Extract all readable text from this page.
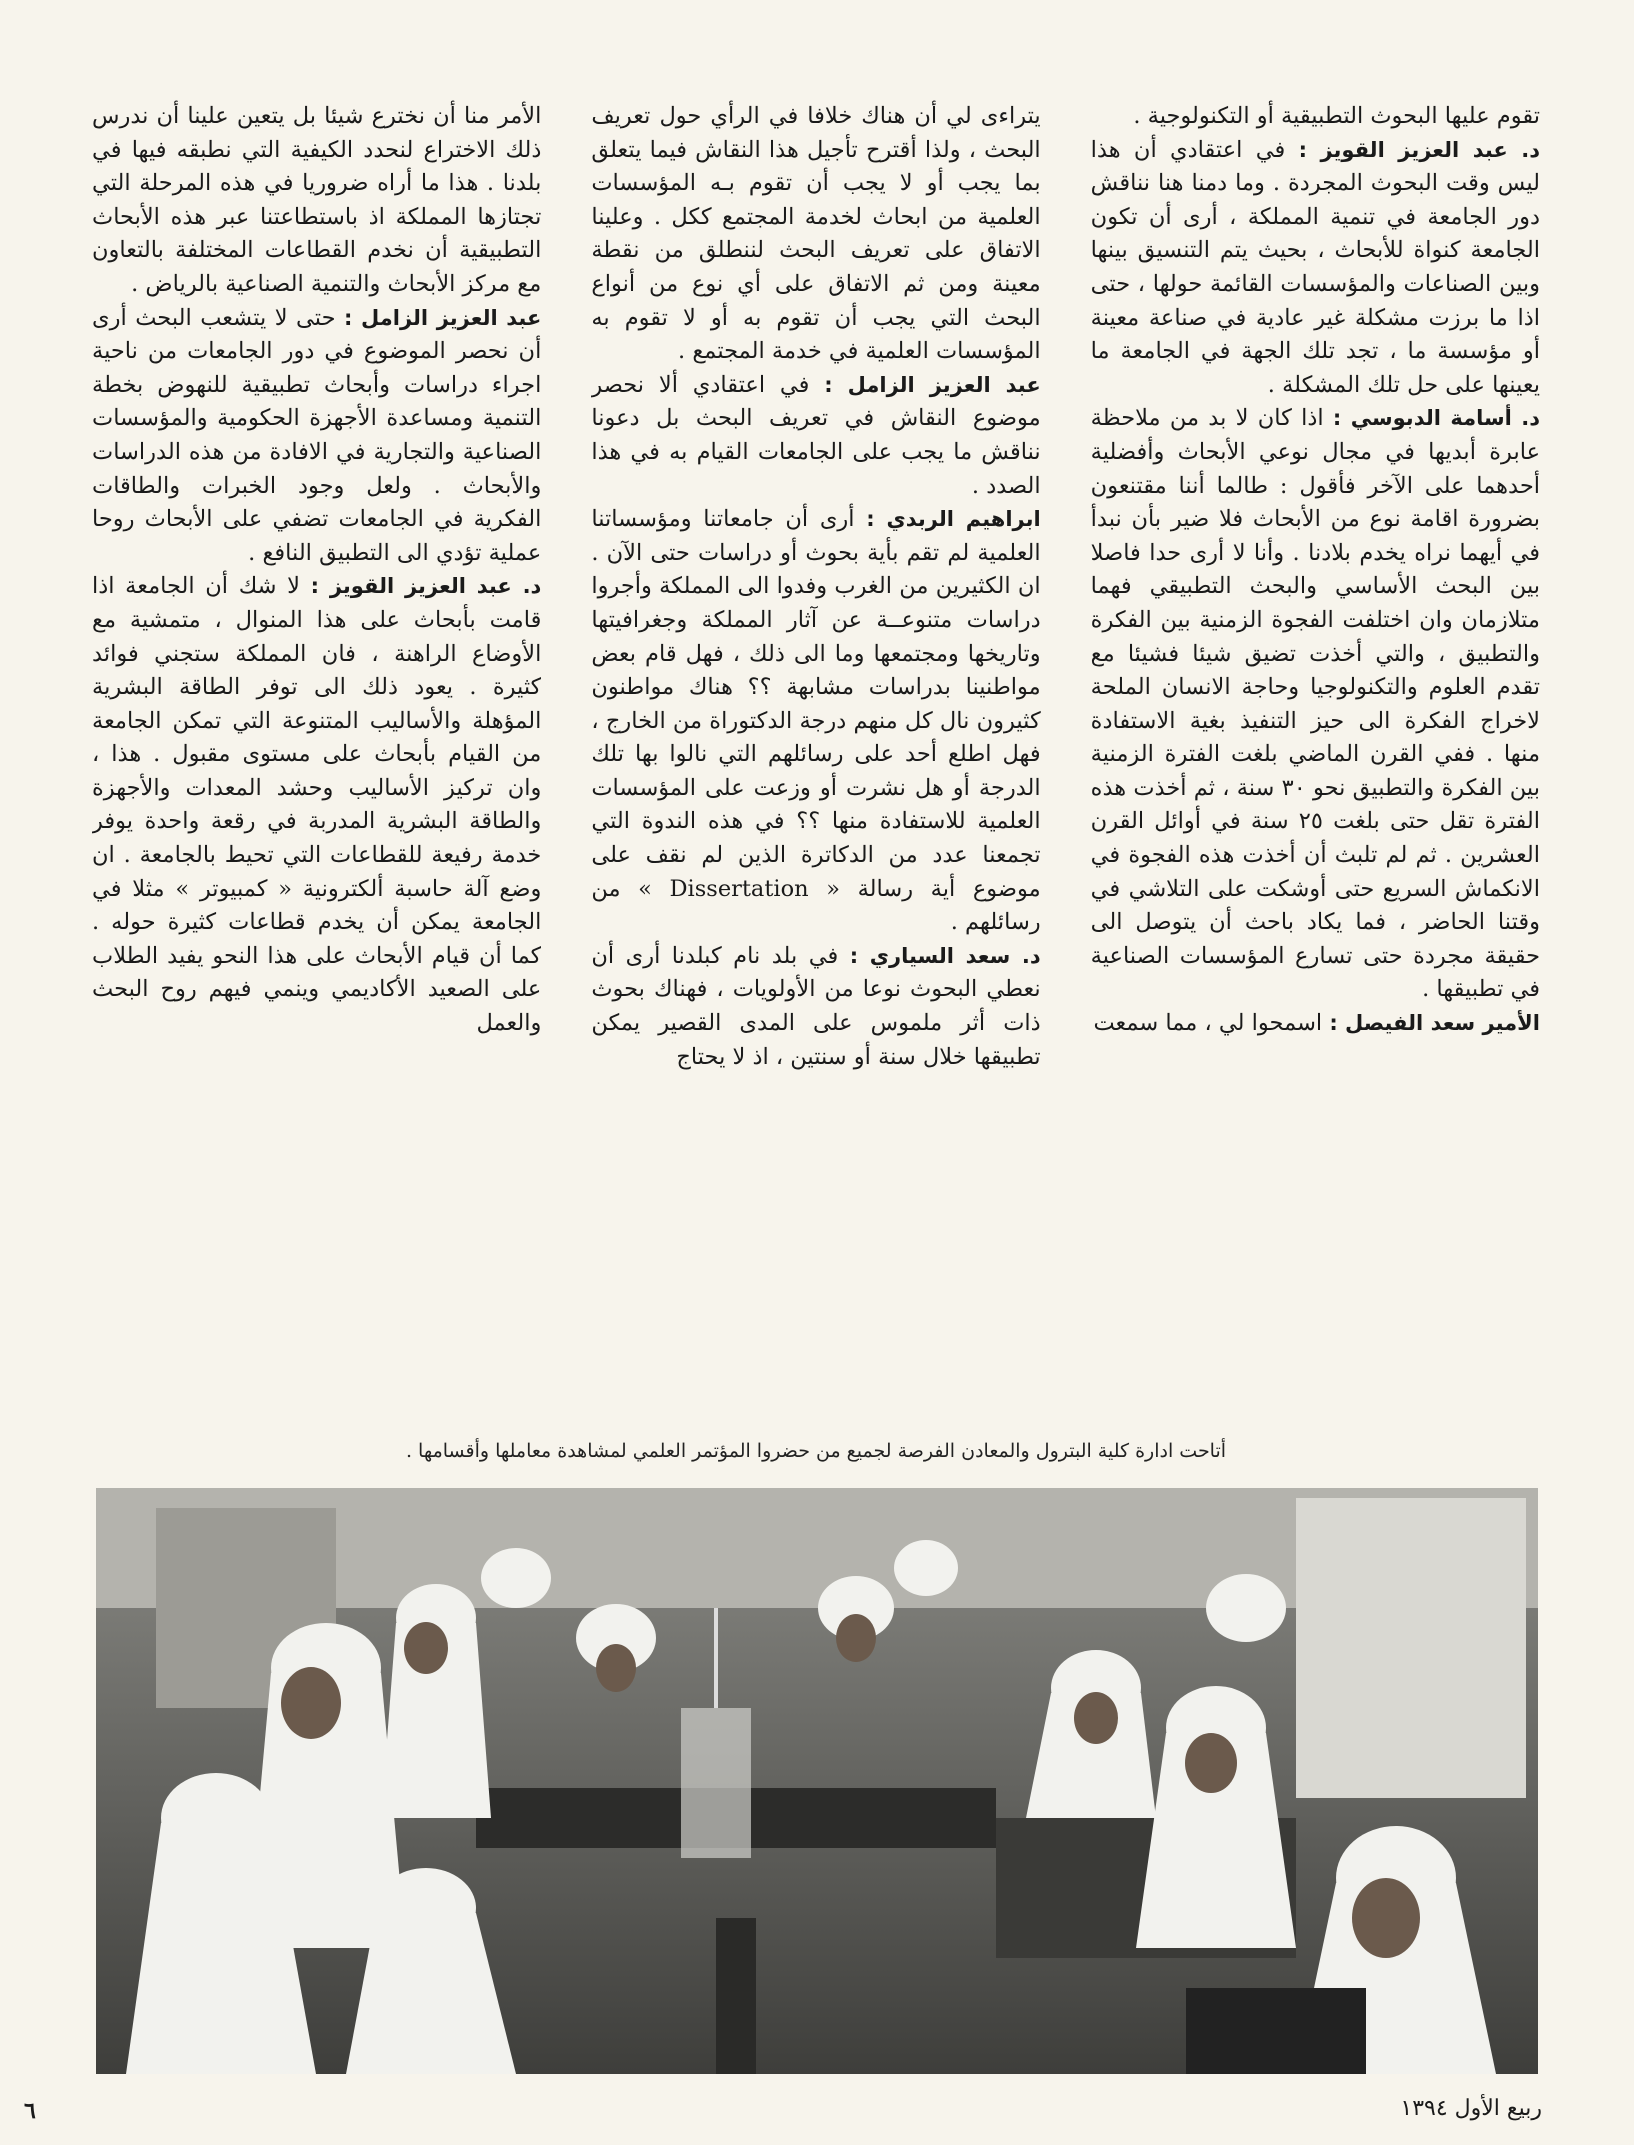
تقوم عليها البحوث التطبيقية أو التكنولوجية .

د. عبد العزيز القويز : في اعتقادي أن هذا ليس وقت البحوث المجردة . وما دمنا هنا نناقش دور الجامعة في تنمية المملكة ، أرى أن تكون الجامعة كنواة للأبحاث ، بحيث يتم التنسيق بينها وبين الصناعات والمؤسسات القائمة حولها ، حتى اذا ما برزت مشكلة غير عادية في صناعة معينة أو مؤسسة ما ، تجد تلك الجهة في الجامعة ما يعينها على حل تلك المشكلة .

د. أسامة الدبوسي : اذا كان لا بد من ملاحظة عابرة أبديها في مجال نوعي الأبحاث وأفضلية أحدهما على الآخر فأقول : طالما أننا مقتنعون بضرورة اقامة نوع من الأبحاث فلا ضير بأن نبدأ في أيهما نراه يخدم بلادنا . وأنا لا أرى حدا فاصلا بين البحث الأساسي والبحث التطبيقي فهما متلازمان وان اختلفت الفجوة الزمنية بين الفكرة والتطبيق ، والتي أخذت تضيق شيئا فشيئا مع تقدم العلوم والتكنولوجيا وحاجة الانسان الملحة لاخراج الفكرة الى حيز التنفيذ بغية الاستفادة منها . ففي القرن الماضي بلغت الفترة الزمنية بين الفكرة والتطبيق نحو ٣٠ سنة ، ثم أخذت هذه الفترة تقل حتى بلغت ٢٥ سنة في أوائل القرن العشرين . ثم لم تلبث أن أخذت هذه الفجوة في الانكماش السريع حتى أوشكت على التلاشي في وقتنا الحاضر ، فما يكاد باحث أن يتوصل الى حقيقة مجردة حتى تسارع المؤسسات الصناعية في تطبيقها .

الأمير سعد الفيصل : اسمحوا لي ، مما سمعت

يتراءى لي أن هناك خلافا في الرأي حول تعريف البحث ، ولذا أقترح تأجيل هذا النقاش فيما يتعلق بما يجب أو لا يجب أن تقوم بـه المؤسسات العلمية من ابحاث لخدمة المجتمع ككل . وعلينا الاتفاق على تعريف البحث لننطلق من نقطة معينة ومن ثم الاتفاق على أي نوع من أنواع البحث التي يجب أن تقوم به أو لا تقوم به المؤسسات العلمية في خدمة المجتمع .

عبد العزيز الزامل : في اعتقادي ألا نحصر موضوع النقاش في تعريف البحث بل دعونا نناقش ما يجب على الجامعات القيام به في هذا الصدد .

ابراهيم الربدي : أرى أن جامعاتنا ومؤسساتنا العلمية لم تقم بأية بحوث أو دراسات حتى الآن . ان الكثيرين من الغرب وفدوا الى المملكة وأجروا دراسات متنوعــة عن آثار المملكة وجغرافيتها وتاريخها ومجتمعها وما الى ذلك ، فهل قام بعض مواطنينا بدراسات مشابهة ؟؟ هناك مواطنون كثيرون نال كل منهم درجة الدكتوراة من الخارج ، فهل اطلع أحد على رسائلهم التي نالوا بها تلك الدرجة أو هل نشرت أو وزعت على المؤسسات العلمية للاستفادة منها ؟؟ في هذه الندوة التي تجمعنا عدد من الدكاترة الذين لم نقف على موضوع أية رسالة « Dissertation » من رسائلهم .

د. سعد السياري : في بلد نام كبلدنا أرى أن نعطي البحوث نوعا من الأولويات ، فهناك بحوث ذات أثر ملموس على المدى القصير يمكن تطبيقها خلال سنة أو سنتين ، اذ لا يحتاج

الأمر منا أن نخترع شيئا بل يتعين علينا أن ندرس ذلك الاختراع لنحدد الكيفية التي نطبقه فيها في بلدنا . هذا ما أراه ضروريا في هذه المرحلة التي تجتازها المملكة اذ باستطاعتنا عبر هذه الأبحاث التطبيقية أن نخدم القطاعات المختلفة بالتعاون مع مركز الأبحاث والتنمية الصناعية بالرياض .

عبد العزيز الزامل : حتى لا يتشعب البحث أرى أن نحصر الموضوع في دور الجامعات من ناحية اجراء دراسات وأبحاث تطبيقية للنهوض بخطة التنمية ومساعدة الأجهزة الحكومية والمؤسسات الصناعية والتجارية في الافادة من هذه الدراسات والأبحاث . ولعل وجود الخبرات والطاقات الفكرية في الجامعات تضفي على الأبحاث روحا عملية تؤدي الى التطبيق النافع .

د. عبد العزيز القويز : لا شك أن الجامعة اذا قامت بأبحاث على هذا المنوال ، متمشية مع الأوضاع الراهنة ، فان المملكة ستجني فوائد كثيرة . يعود ذلك الى توفر الطاقة البشرية المؤهلة والأساليب المتنوعة التي تمكن الجامعة من القيام بأبحاث على مستوى مقبول . هذا ، وان تركيز الأساليب وحشد المعدات والأجهزة والطاقة البشرية المدربة في رقعة واحدة يوفر خدمة رفيعة للقطاعات التي تحيط بالجامعة . ان وضع آلة حاسبة ألكترونية « كمبيوتر » مثلا في الجامعة يمكن أن يخدم قطاعات كثيرة حوله . كما أن قيام الأبحاث على هذا النحو يفيد الطلاب على الصعيد الأكاديمي وينمي فيهم روح البحث والعمل

أتاحت ادارة كلية البترول والمعادن الفرصة لجميع من حضروا المؤتمر العلمي لمشاهدة معاملها وأقسامها .
٦	ربيع الأول ١٣٩٤
